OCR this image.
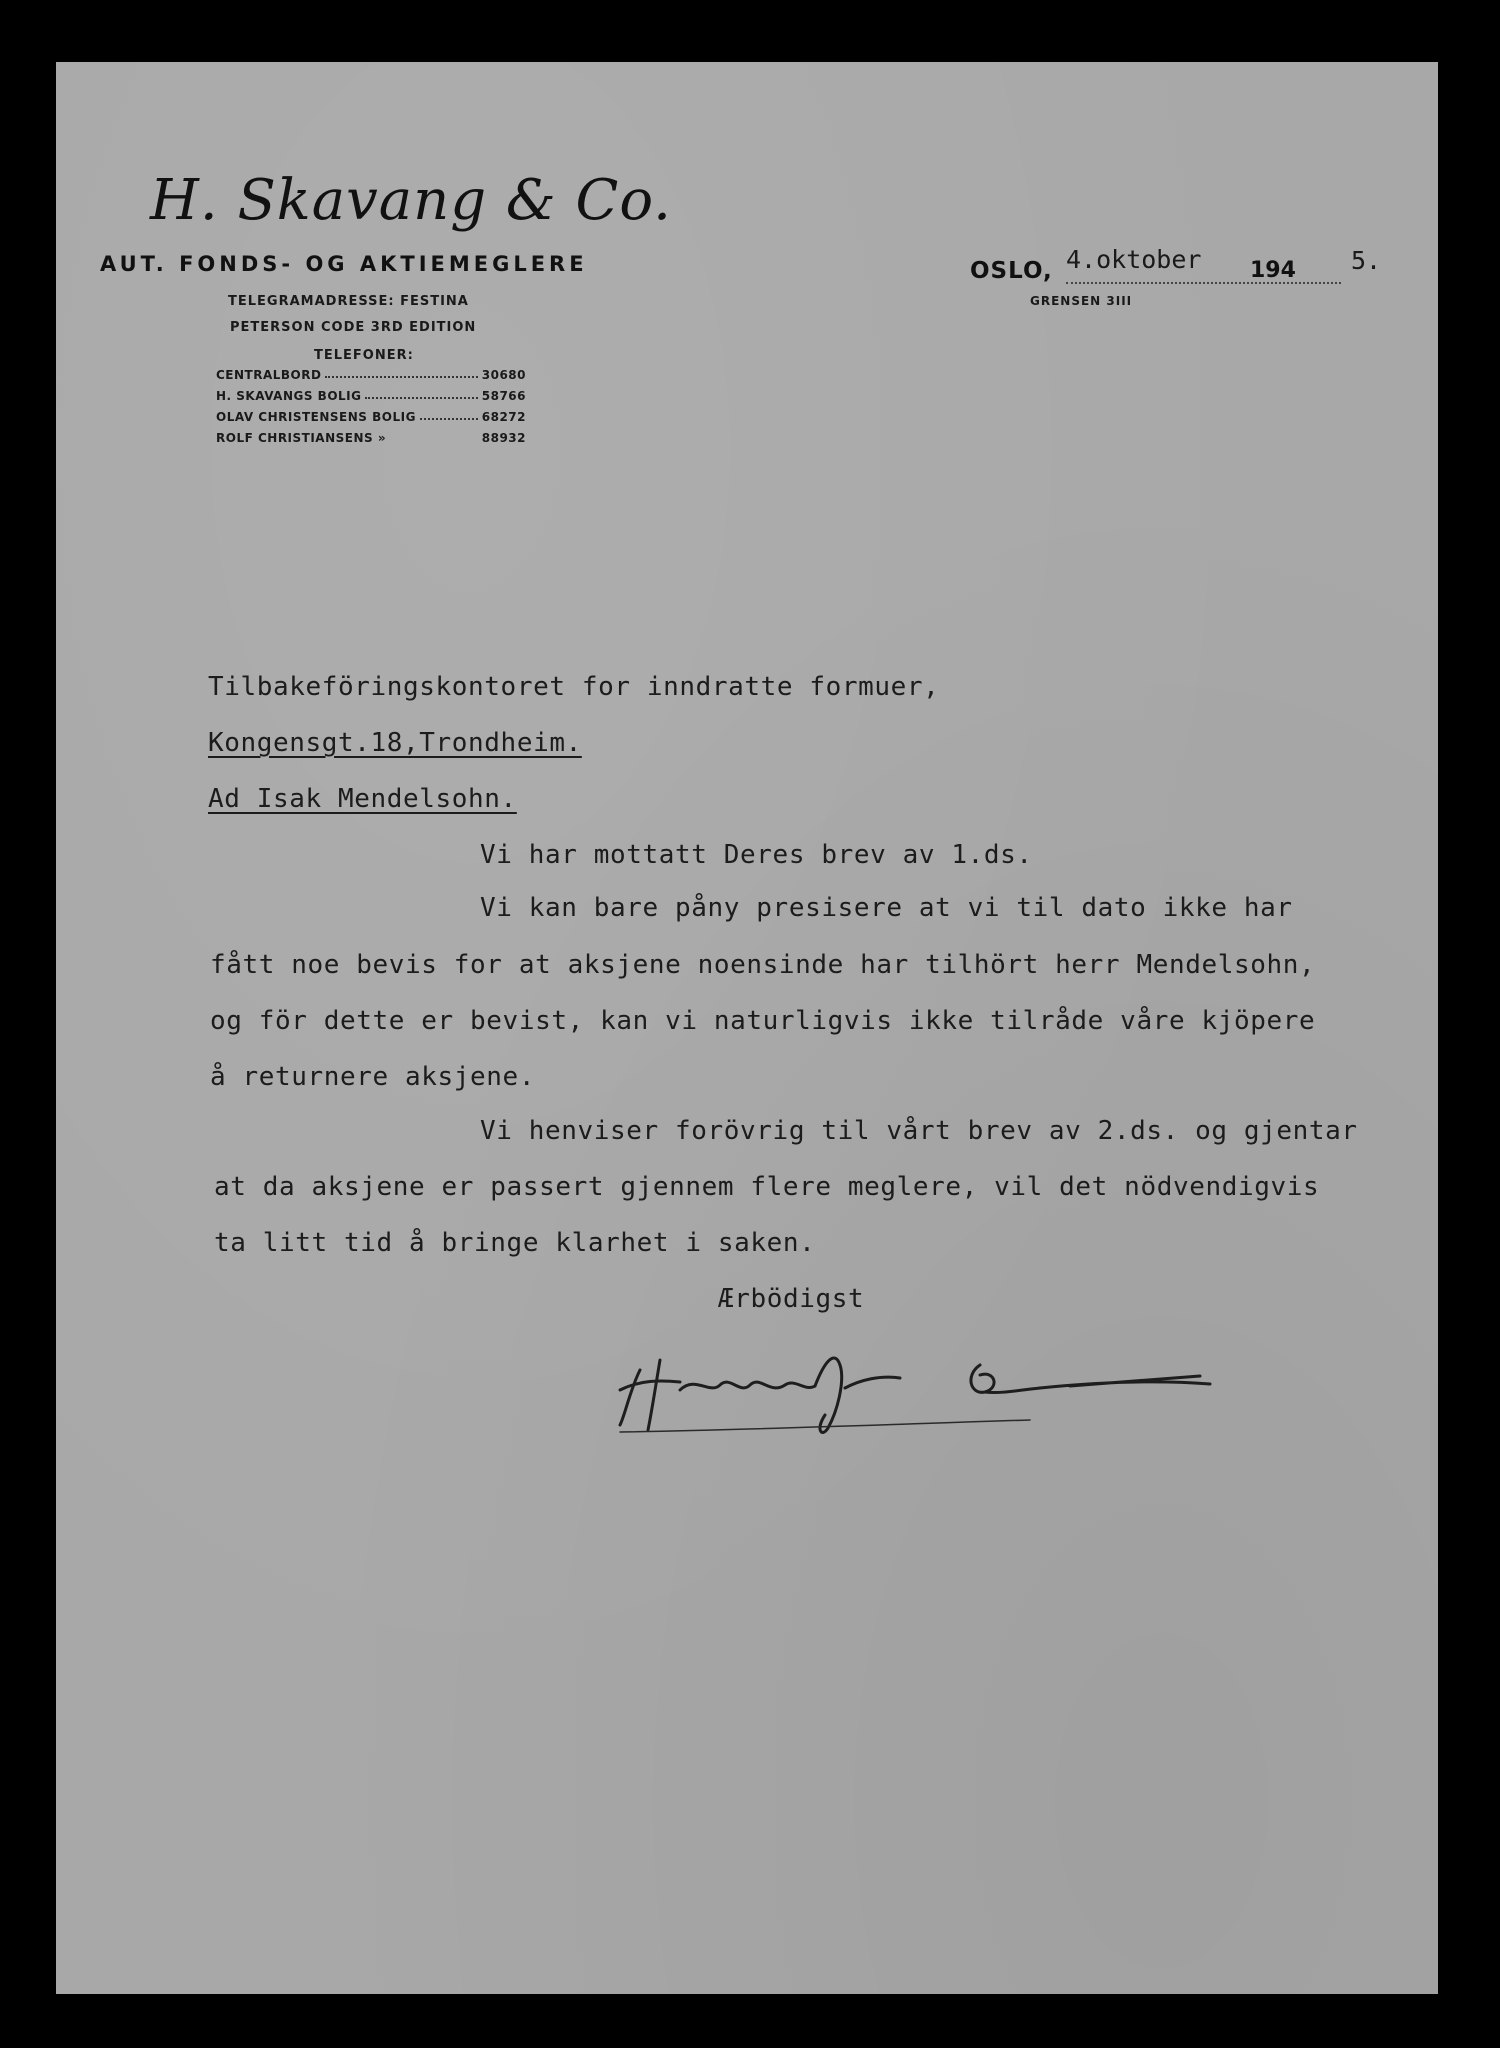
H. Skavang & Co.
AUT. FONDS- OG AKTIEMEGLERE
TELEGRAMADRESSE: FESTINA
PETERSON CODE 3RD EDITION
TELEFONER:
CENTRALBORD	30680
H. SKAVANGS BOLIG	58766
OLAV CHRISTENSENS BOLIG	68272
ROLF CHRISTIANSENS »	88932
OSLO, 4.oktober 194 5.
GRENSEN 3III
Tilbakeföringskontoret for inndratte formuer,
Kongensgt.18,Trondheim.
Ad Isak Mendelsohn.
Vi har mottatt Deres brev av 1.ds.
Vi kan bare påny presisere at vi til dato ikke har
fått noe bevis for at aksjene noensinde har tilhört herr Mendelsohn,
og för dette er bevist, kan vi naturligvis ikke tilråde våre kjöpere
å returnere aksjene.
Vi henviser forövrig til vårt brev av 2.ds. og gjentar
at da aksjene er passert gjennem flere meglere, vil det nödvendigvis
ta litt tid å bringe klarhet i saken.
Ærbödigst
